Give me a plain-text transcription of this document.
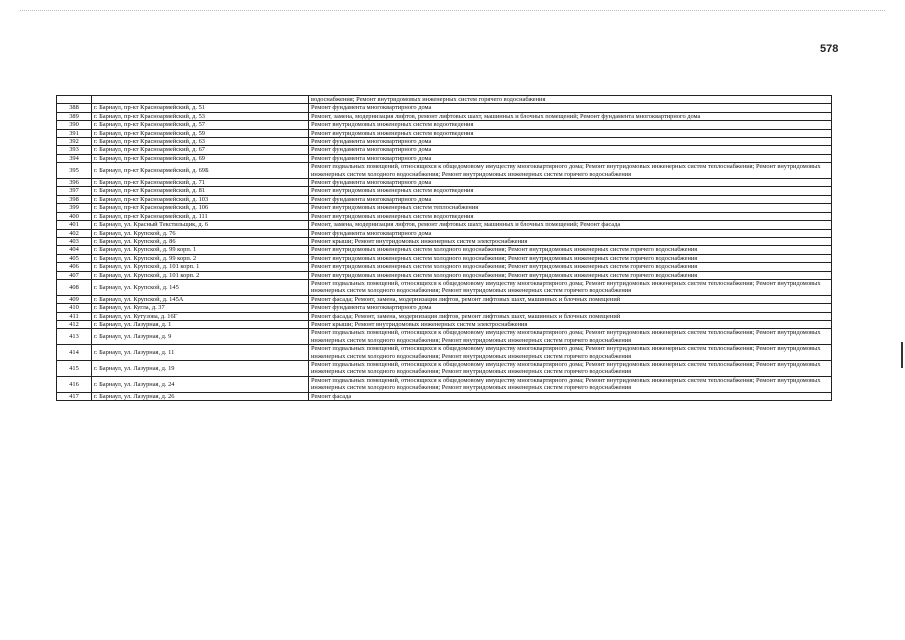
578
		водоснабжения; Ремонт внутридомовых инженерных систем горячего водоснабжения
388	г. Барнаул, пр-кт Красноармейский, д. 51	Ремонт фундамента многоквартирного дома
389	г. Барнаул, пр-кт Красноармейский, д. 53	Ремонт, замена, модернизация лифтов, ремонт лифтовых шахт, машинных и блочных помещений; Ремонт фундамента многоквартирного дома
390	г. Барнаул, пр-кт Красноармейский, д. 57	Ремонт внутридомовых инженерных систем водоотведения
391	г. Барнаул, пр-кт Красноармейский, д. 59	Ремонт внутридомовых инженерных систем водоотведения
392	г. Барнаул, пр-кт Красноармейский, д. 63	Ремонт фундамента многоквартирного дома
393	г. Барнаул, пр-кт Красноармейский, д. 67	Ремонт фундамента многоквартирного дома
394	г. Барнаул, пр-кт Красноармейский, д. 69	Ремонт фундамента многоквартирного дома
395	г. Барнаул, пр-кт Красноармейский, д. 69Б	Ремонт подвальных помещений, относящихся к общедомовому имуществу многоквартирного дома; Ремонт внутридомовых инженерных систем теплоснабжения; Ремонт внутридомовых инженерных систем холодного водоснабжения; Ремонт внутридомовых инженерных систем горячего водоснабжения
396	г. Барнаул, пр-кт Красноармейский, д. 71	Ремонт фундамента многоквартирного дома
397	г. Барнаул, пр-кт Красноармейский, д. 81	Ремонт внутридомовых инженерных систем водоотведения
398	г. Барнаул, пр-кт Красноармейский, д. 103	Ремонт фундамента многоквартирного дома
399	г. Барнаул, пр-кт Красноармейский, д. 106	Ремонт внутридомовых инженерных систем теплоснабжения
400	г. Барнаул, пр-кт Красноармейский, д. 111	Ремонт внутридомовых инженерных систем водоотведения
401	г. Барнаул, ул. Красный Текстильщик, д. 6	Ремонт, замена, модернизация лифтов, ремонт лифтовых шахт, машинных и блочных помещений; Ремонт фасада
402	г. Барнаул, ул. Крупской, д. 76	Ремонт фундамента многоквартирного дома
403	г. Барнаул, ул. Крупской, д. 86	Ремонт крыши; Ремонт внутридомовых инженерных систем электроснабжения
404	г. Барнаул, ул. Крупской, д. 99 корп. 1	Ремонт внутридомовых инженерных систем холодного водоснабжения; Ремонт внутридомовых инженерных систем горячего водоснабжения
405	г. Барнаул, ул. Крупской, д. 99 корп. 2	Ремонт внутридомовых инженерных систем холодного водоснабжения; Ремонт внутридомовых инженерных систем горячего водоснабжения
406	г. Барнаул, ул. Крупской, д. 101 корп. 1	Ремонт внутридомовых инженерных систем холодного водоснабжения; Ремонт внутридомовых инженерных систем горячего водоснабжения
407	г. Барнаул, ул. Крупской, д. 101 корп. 2	Ремонт внутридомовых инженерных систем холодного водоснабжения; Ремонт внутридомовых инженерных систем горячего водоснабжения
408	г. Барнаул, ул. Крупской, д. 145	Ремонт подвальных помещений, относящихся к общедомовому имуществу многоквартирного дома; Ремонт внутридомовых инженерных систем теплоснабжения; Ремонт внутридомовых инженерных систем холодного водоснабжения; Ремонт внутридомовых инженерных систем горячего водоснабжения
409	г. Барнаул, ул. Крупской, д. 145А	Ремонт фасада; Ремонт, замена, модернизация лифтов, ремонт лифтовых шахт, машинных и блочных помещений
410	г. Барнаул, ул. Кугла, д. 37	Ремонт фундамента многоквартирного дома
411	г. Барнаул, ул. Кутузова, д. 16Г	Ремонт фасада; Ремонт, замена, модернизация лифтов, ремонт лифтовых шахт, машинных и блочных помещений
412	г. Барнаул, ул. Лазурная, д. 1	Ремонт крыши; Ремонт внутридомовых инженерных систем электроснабжения
413	г. Барнаул, ул. Лазурная, д. 9	Ремонт подвальных помещений, относящихся к общедомовому имуществу многоквартирного дома; Ремонт внутридомовых инженерных систем теплоснабжения; Ремонт внутридомовых инженерных систем холодного водоснабжения; Ремонт внутридомовых инженерных систем горячего водоснабжения
414	г. Барнаул, ул. Лазурная, д. 11	Ремонт подвальных помещений, относящихся к общедомовому имуществу многоквартирного дома; Ремонт внутридомовых инженерных систем теплоснабжения; Ремонт внутридомовых инженерных систем холодного водоснабжения; Ремонт внутридомовых инженерных систем горячего водоснабжения
415	г. Барнаул, ул. Лазурная, д. 19	Ремонт подвальных помещений, относящихся к общедомовому имуществу многоквартирного дома; Ремонт внутридомовых инженерных систем теплоснабжения; Ремонт внутридомовых инженерных систем холодного водоснабжения; Ремонт внутридомовых инженерных систем горячего водоснабжения
416	г. Барнаул, ул. Лазурная, д. 24	Ремонт подвальных помещений, относящихся к общедомовому имуществу многоквартирного дома; Ремонт внутридомовых инженерных систем теплоснабжения; Ремонт внутридомовых инженерных систем холодного водоснабжения; Ремонт внутридомовых инженерных систем горячего водоснабжения
417	г. Барнаул, ул. Лазурная, д. 26	Ремонт фасада
